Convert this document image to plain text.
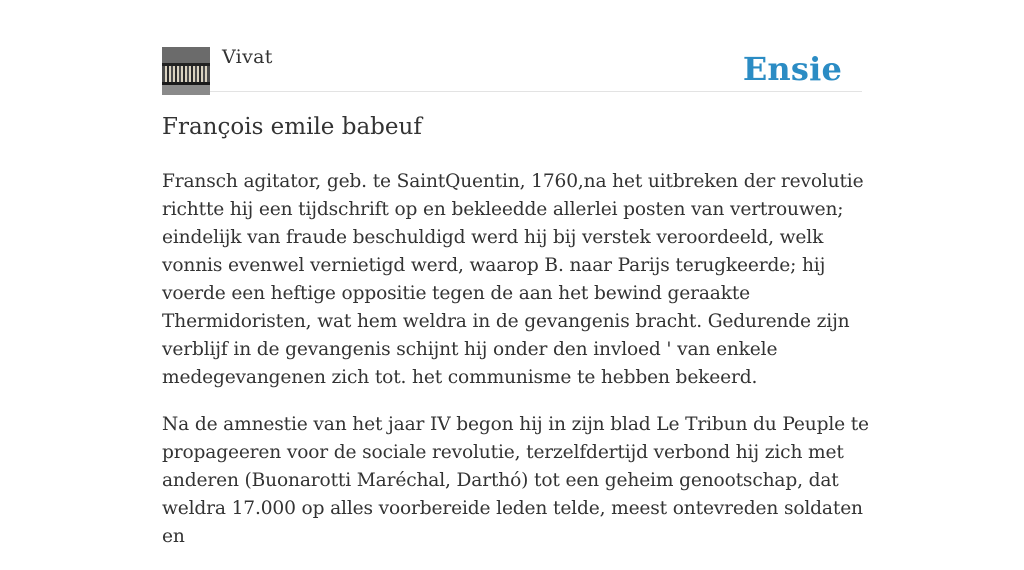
Vivat	Ensie
François emile babeuf

Fransch agitator, geb. te SaintQuentin, 1760,na het uitbreken der revolutie richtte hij een tijdschrift op en bekleedde allerlei posten van vertrouwen; eindelijk van fraude beschuldigd werd hij bij verstek veroordeeld, welk vonnis evenwel vernietigd werd, waarop B. naar Parijs terugkeerde; hij voerde een heftige oppositie tegen de aan het bewind geraakte Thermidoristen, wat hem weldra in de gevangenis bracht. Gedurende zijn verblijf in de gevangenis schijnt hij onder den invloed ' van enkele medegevangenen zich tot. het communisme te hebben bekeerd.

Na de amnestie van het jaar IV begon hij in zijn blad Le Tribun du Peuple te propageeren voor de sociale revolutie, terzelfdertijd verbond hij zich met anderen (Buonarotti Maréchal, Darthó) tot een geheim genootschap, dat weldra 17.000 op alles voorbereide leden telde, meest ontevreden soldaten en
